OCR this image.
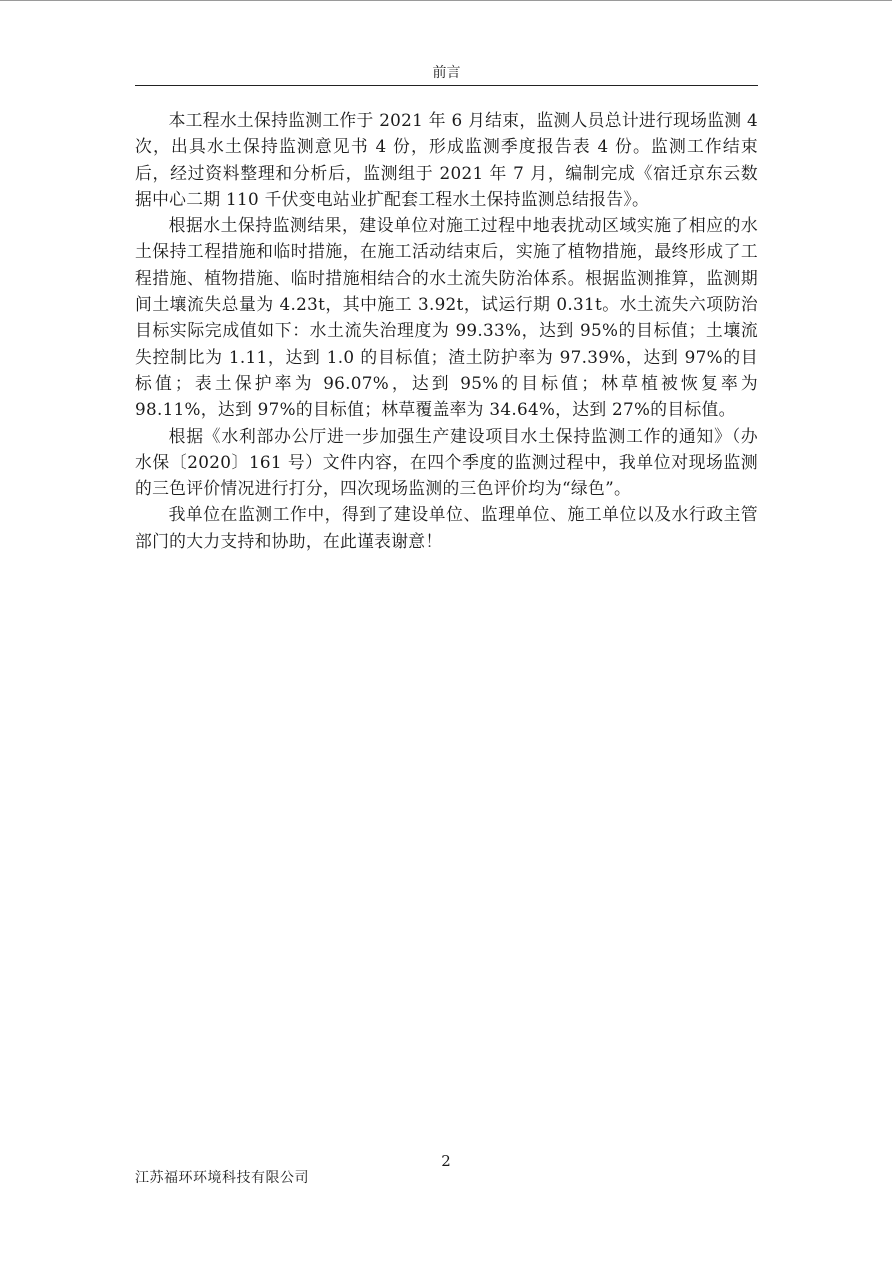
前言

本工程水土保持监测工作于 2021 年 6 月结束，监测人员总计进行现场监测 4 次，出具水土保持监测意见书 4 份，形成监测季度报告表 4 份。监测工作结束后，经过资料整理和分析后，监测组于 2021 年 7 月，编制完成《宿迁京东云数据中心二期 110 千伏变电站业扩配套工程水土保持监测总结报告》。

根据水土保持监测结果，建设单位对施工过程中地表扰动区域实施了相应的水土保持工程措施和临时措施，在施工活动结束后，实施了植物措施，最终形成了工程措施、植物措施、临时措施相结合的水土流失防治体系。根据监测推算，监测期间土壤流失总量为 4.23t，其中施工 3.92t，试运行期 0.31t。水土流失六项防治目标实际完成值如下：水土流失治理度为 99.33%，达到 95%的目标值；土壤流失控制比为 1.11，达到 1.0 的目标值；渣土防护率为 97.39%，达到 97%的目标值；表土保护率为 96.07%，达到 95%的目标值；林草植被恢复率为 98.11%，达到 97%的目标值；林草覆盖率为 34.64%，达到 27%的目标值。

根据《水利部办公厅进一步加强生产建设项目水土保持监测工作的通知》（办水保〔2020〕161 号）文件内容，在四个季度的监测过程中，我单位对现场监测的三色评价情况进行打分，四次现场监测的三色评价均为“绿色”。

我单位在监测工作中，得到了建设单位、监理单位、施工单位以及水行政主管部门的大力支持和协助，在此谨表谢意！

2
江苏福环环境科技有限公司
